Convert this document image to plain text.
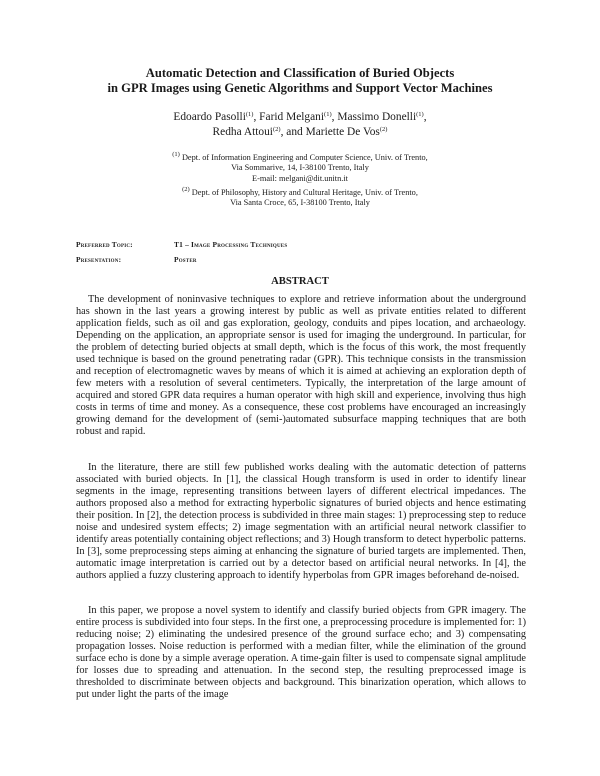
Automatic Detection and Classification of Buried Objects
in GPR Images using Genetic Algorithms and Support Vector Machines
Edoardo Pasolli$^{(1)}$, Farid Melgani$^{(1)}$, Massimo Donelli$^{(1)}$,
Redha Attoui$^{(2)}$, and Mariette De Vos$^{(2)}$
$^{(1)}$ Dept. of Information Engineering and Computer Science, Univ. of Trento,
Via Sommarive, 14, I-38100 Trento, Italy
E-mail: melgani@dit.unitn.it
$^{(2)}$ Dept. of Philosophy, History and Cultural Heritage, Univ. of Trento,
Via Santa Croce, 65, I-38100 Trento, Italy
Preferred Topic:	T1 – Image Processing Techniques
Presentation:	Poster
ABSTRACT

The development of noninvasive techniques to explore and retrieve information about the underground has shown in the last years a growing interest by public as well as private entities related to different application fields, such as oil and gas exploration, geology, conduits and pipes location, and archaeology. Depending on the application, an appropriate sensor is used for imaging the underground. In particular, for the problem of detecting buried objects at small depth, which is the focus of this work, the most frequently used technique is based on the ground penetrating radar (GPR). This technique consists in the transmission and reception of electromagnetic waves by means of which it is aimed at achieving an exploration depth of few meters with a resolution of several centimeters. Typically, the interpretation of the large amount of acquired and stored GPR data requires a human operator with high skill and experience, involving thus high costs in terms of time and money. As a consequence, these cost problems have encouraged an increasingly growing demand for the development of (semi-)automated subsurface mapping techniques that are both robust and rapid.

In the literature, there are still few published works dealing with the automatic detection of patterns associated with buried objects. In [1], the classical Hough transform is used in order to identify linear segments in the image, representing transitions between layers of different electrical impedances. The authors proposed also a method for extracting hyperbolic signatures of buried objects and hence estimating their position. In [2], the detection process is subdivided in three main stages: 1) preprocessing step to reduce noise and undesired system effects; 2) image segmentation with an artificial neural network classifier to identify areas potentially containing object reflections; and 3) Hough transform to detect hyperbolic patterns. In [3], some preprocessing steps aiming at enhancing the signature of buried targets are implemented. Then, automatic image interpretation is carried out by a detector based on artificial neural networks. In [4], the authors applied a fuzzy clustering approach to identify hyperbolas from GPR images beforehand de-noised.

In this paper, we propose a novel system to identify and classify buried objects from GPR imagery. The entire process is subdivided into four steps. In the first one, a preprocessing procedure is implemented for: 1) reducing noise; 2) eliminating the undesired presence of the ground surface echo; and 3) compensating propagation losses. Noise reduction is performed with a median filter, while the elimination of the ground surface echo is done by a simple average operation. A time-gain filter is used to compensate signal amplitude for losses due to spreading and attenuation. In the second step, the resulting preprocessed image is thresholded to discriminate between objects and background. This binarization operation, which allows to put under light the parts of the image
